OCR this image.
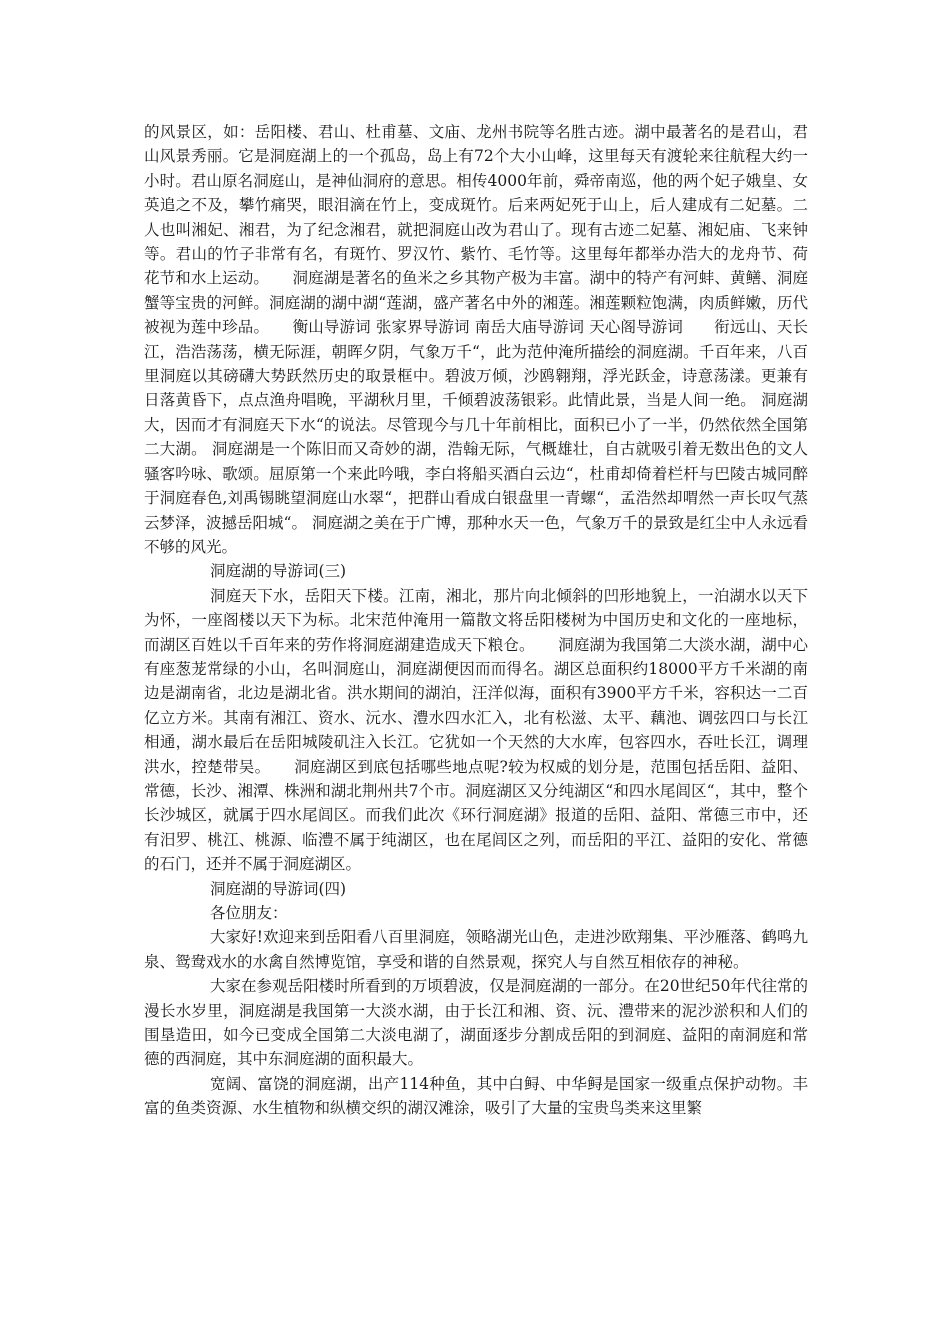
的风景区，如：岳阳楼、君山、杜甫墓、文庙、龙州书院等名胜古迹。湖中最著名的是君山，君山风景秀丽。它是洞庭湖上的一个孤岛，岛上有72个大小山峰，这里每天有渡轮来往航程大约一小时。君山原名洞庭山，是神仙洞府的意思。相传4000年前，舜帝南巡，他的两个妃子娥皇、女英追之不及，攀竹痛哭，眼泪滴在竹上，变成斑竹。后来两妃死于山上，后人建成有二妃墓。二人也叫湘妃、湘君，为了纪念湘君，就把洞庭山改为君山了。现有古迹二妃墓、湘妃庙、飞来钟等。君山的竹子非常有名，有斑竹、罗汉竹、紫竹、毛竹等。这里每年都举办浩大的龙舟节、荷花节和水上运动。　　洞庭湖是著名的鱼米之乡其物产极为丰富。湖中的特产有河蚌、黄鳝、洞庭蟹等宝贵的河鲜。洞庭湖的湖中湖“莲湖，盛产著名中外的湘莲。湘莲颗粒饱满，肉质鲜嫩，历代被视为莲中珍品。　　衡山导游词 张家界导游词 南岳大庙导游词 天心阁导游词　　衔远山、天长江，浩浩荡荡，横无际涯，朝晖夕阴，气象万千“，此为范仲淹所描绘的洞庭湖。千百年来，八百里洞庭以其磅礴大势跃然历史的取景框中。碧波万倾，沙鸥翱翔，浮光跃金，诗意荡漾。更兼有日落黄昏下，点点渔舟唱晚，平湖秋月里，千倾碧波荡银彩。此情此景，当是人间一绝。 洞庭湖大，因而才有洞庭天下水“的说法。尽管现今与几十年前相比，面积已小了一半，仍然依然全国第二大湖。 洞庭湖是一个陈旧而又奇妙的湖，浩翰无际，气概雄壮，自古就吸引着无数出色的文人骚客吟咏、歌颂。屈原第一个来此吟哦，李白将船买酒白云边“，杜甫却倚着栏杆与巴陵古城同醉于洞庭春色,刘禹锡眺望洞庭山水翠“，把群山看成白银盘里一青螺“，孟浩然却喟然一声长叹气蒸云梦泽，波撼岳阳城“。 洞庭湖之美在于广博，那种水天一色，气象万千的景致是红尘中人永远看不够的风光。

洞庭湖的导游词(三)

洞庭天下水，岳阳天下楼。江南，湘北，那片向北倾斜的凹形地貌上，一泊湖水以天下为怀，一座阁楼以天下为标。北宋范仲淹用一篇散文将岳阳楼树为中国历史和文化的一座地标，而湖区百姓以千百年来的劳作将洞庭湖建造成天下粮仓。　　洞庭湖为我国第二大淡水湖，湖中心有座葱茏常绿的小山，名叫洞庭山，洞庭湖便因而而得名。湖区总面积约18000平方千米湖的南边是湖南省，北边是湖北省。洪水期间的湖泊，汪洋似海，面积有3900平方千米，容积达一二百亿立方米。其南有湘江、资水、沅水、澧水四水汇入，北有松滋、太平、藕池、调弦四口与长江相通，湖水最后在岳阳城陵矶注入长江。它犹如一个天然的大水库，包容四水，吞吐长江，调理洪水，控楚带吴。　　洞庭湖区到底包括哪些地点呢?较为权威的划分是，范围包括岳阳、益阳、常德，长沙、湘潭、株洲和湖北荆州共7个市。洞庭湖区又分纯湖区“和四水尾闾区“，其中，整个长沙城区，就属于四水尾闾区。而我们此次《环行洞庭湖》报道的岳阳、益阳、常德三市中，还有汨罗、桃江、桃源、临澧不属于纯湖区，也在尾闾区之列，而岳阳的平江、益阳的安化、常德的石门，还并不属于洞庭湖区。

洞庭湖的导游词(四)

各位朋友：

大家好!欢迎来到岳阳看八百里洞庭，领略湖光山色，走进沙欧翔集、平沙雁落、鹤鸣九泉、鸳鸯戏水的水禽自然博览馆，享受和谐的自然景观，探究人与自然互相依存的神秘。

大家在参观岳阳楼时所看到的万顷碧波，仅是洞庭湖的一部分。在20世纪50年代往常的漫长水岁里，洞庭湖是我国第一大淡水湖，由于长江和湘、资、沅、澧带来的泥沙淤积和人们的围垦造田，如今已变成全国第二大淡电湖了，湖面逐步分割成岳阳的到洞庭、益阳的南洞庭和常德的西洞庭，其中东洞庭湖的面积最大。

宽阔、富饶的洞庭湖，出产114种鱼，其中白鲟、中华鲟是国家一级重点保护动物。丰富的鱼类资源、水生植物和纵横交织的湖汉滩涂，吸引了大量的宝贵鸟类来这里繁
